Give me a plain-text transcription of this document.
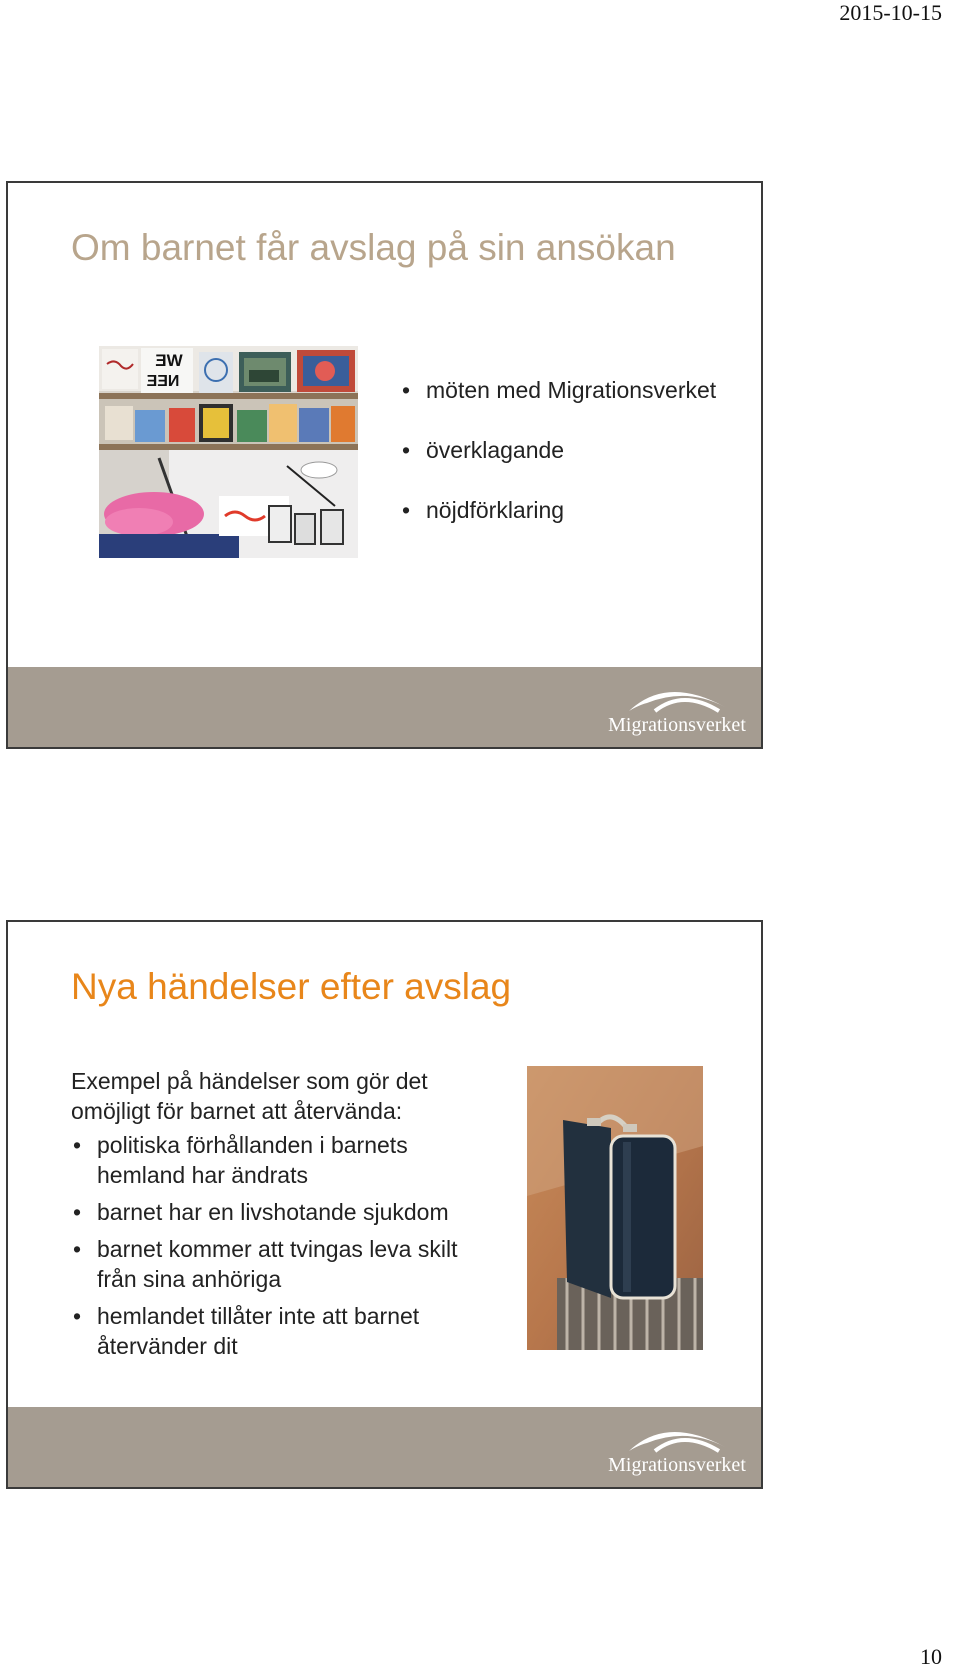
2015-10-15
Om barnet får avslag på sin ansökan
ƎW
ƎƎИ
•	möten med Migrationsverket
• överklagande
• nöjdförklaring
Migrationsverket
Nya händelser efter avslag
Exempel på händelser som gör det omöjligt för barnet att återvända:
• politiska förhållanden i barnets hemland har ändrats
• barnet har en livshotande sjukdom
• barnet kommer att tvingas leva skilt från sina anhöriga
• hemlandet tillåter inte att barnet återvänder dit
Migrationsverket
10
